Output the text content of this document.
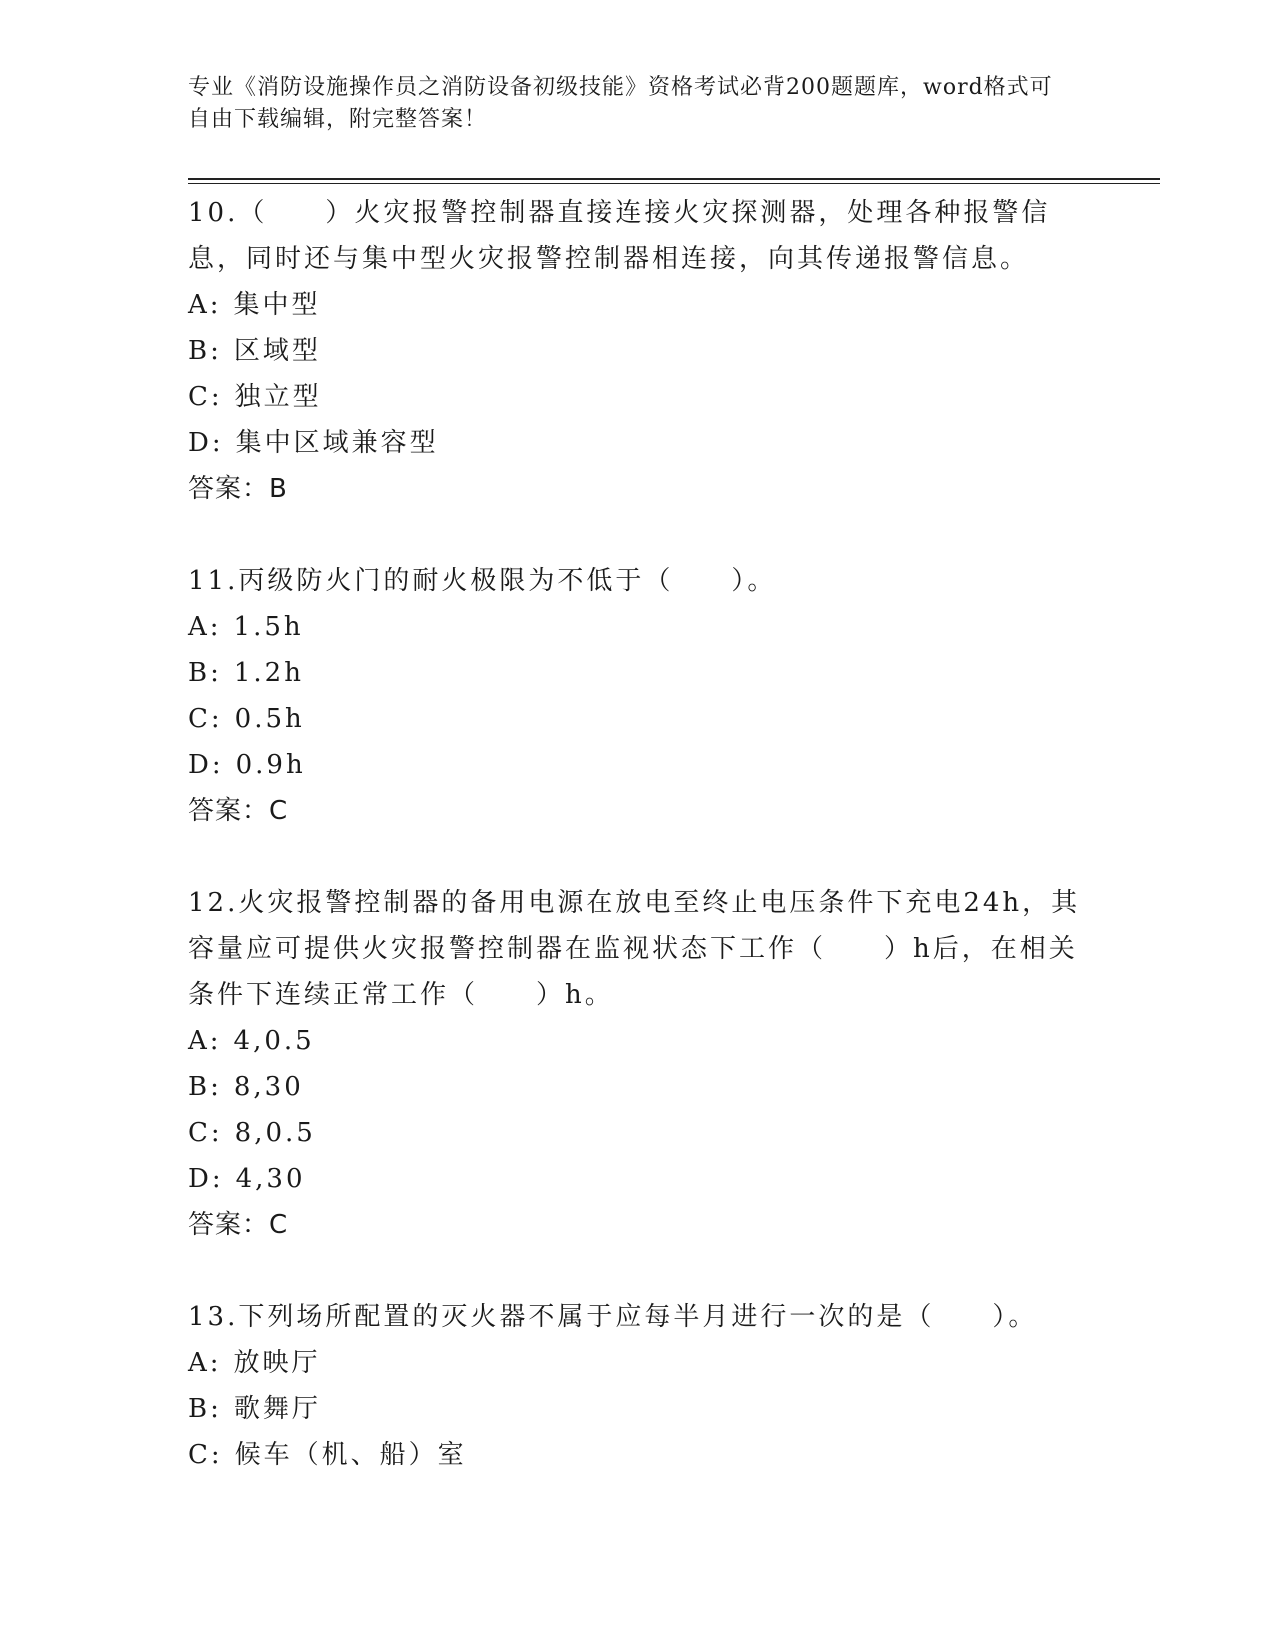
专业《消防设施操作员之消防设备初级技能》资格考试必背200题题库，word格式可自由下载编辑，附完整答案！

10.（　　）火灾报警控制器直接连接火灾探测器，处理各种报警信息，同时还与集中型火灾报警控制器相连接，向其传递报警信息。

A: 集中型

B: 区域型

C: 独立型

D: 集中区域兼容型

答案：B

11.丙级防火门的耐火极限为不低于（　　）。

A: 1.5h

B: 1.2h

C: 0.5h

D: 0.9h

答案：C

12.火灾报警控制器的备用电源在放电至终止电压条件下充电24h，其容量应可提供火灾报警控制器在监视状态下工作（　　）h后，在相关条件下连续正常工作（　　）h。

A: 4,0.5

B: 8,30

C: 8,0.5

D: 4,30

答案：C

13.下列场所配置的灭火器不属于应每半月进行一次的是（　　）。

A: 放映厅

B: 歌舞厅

C: 候车（机、船）室
